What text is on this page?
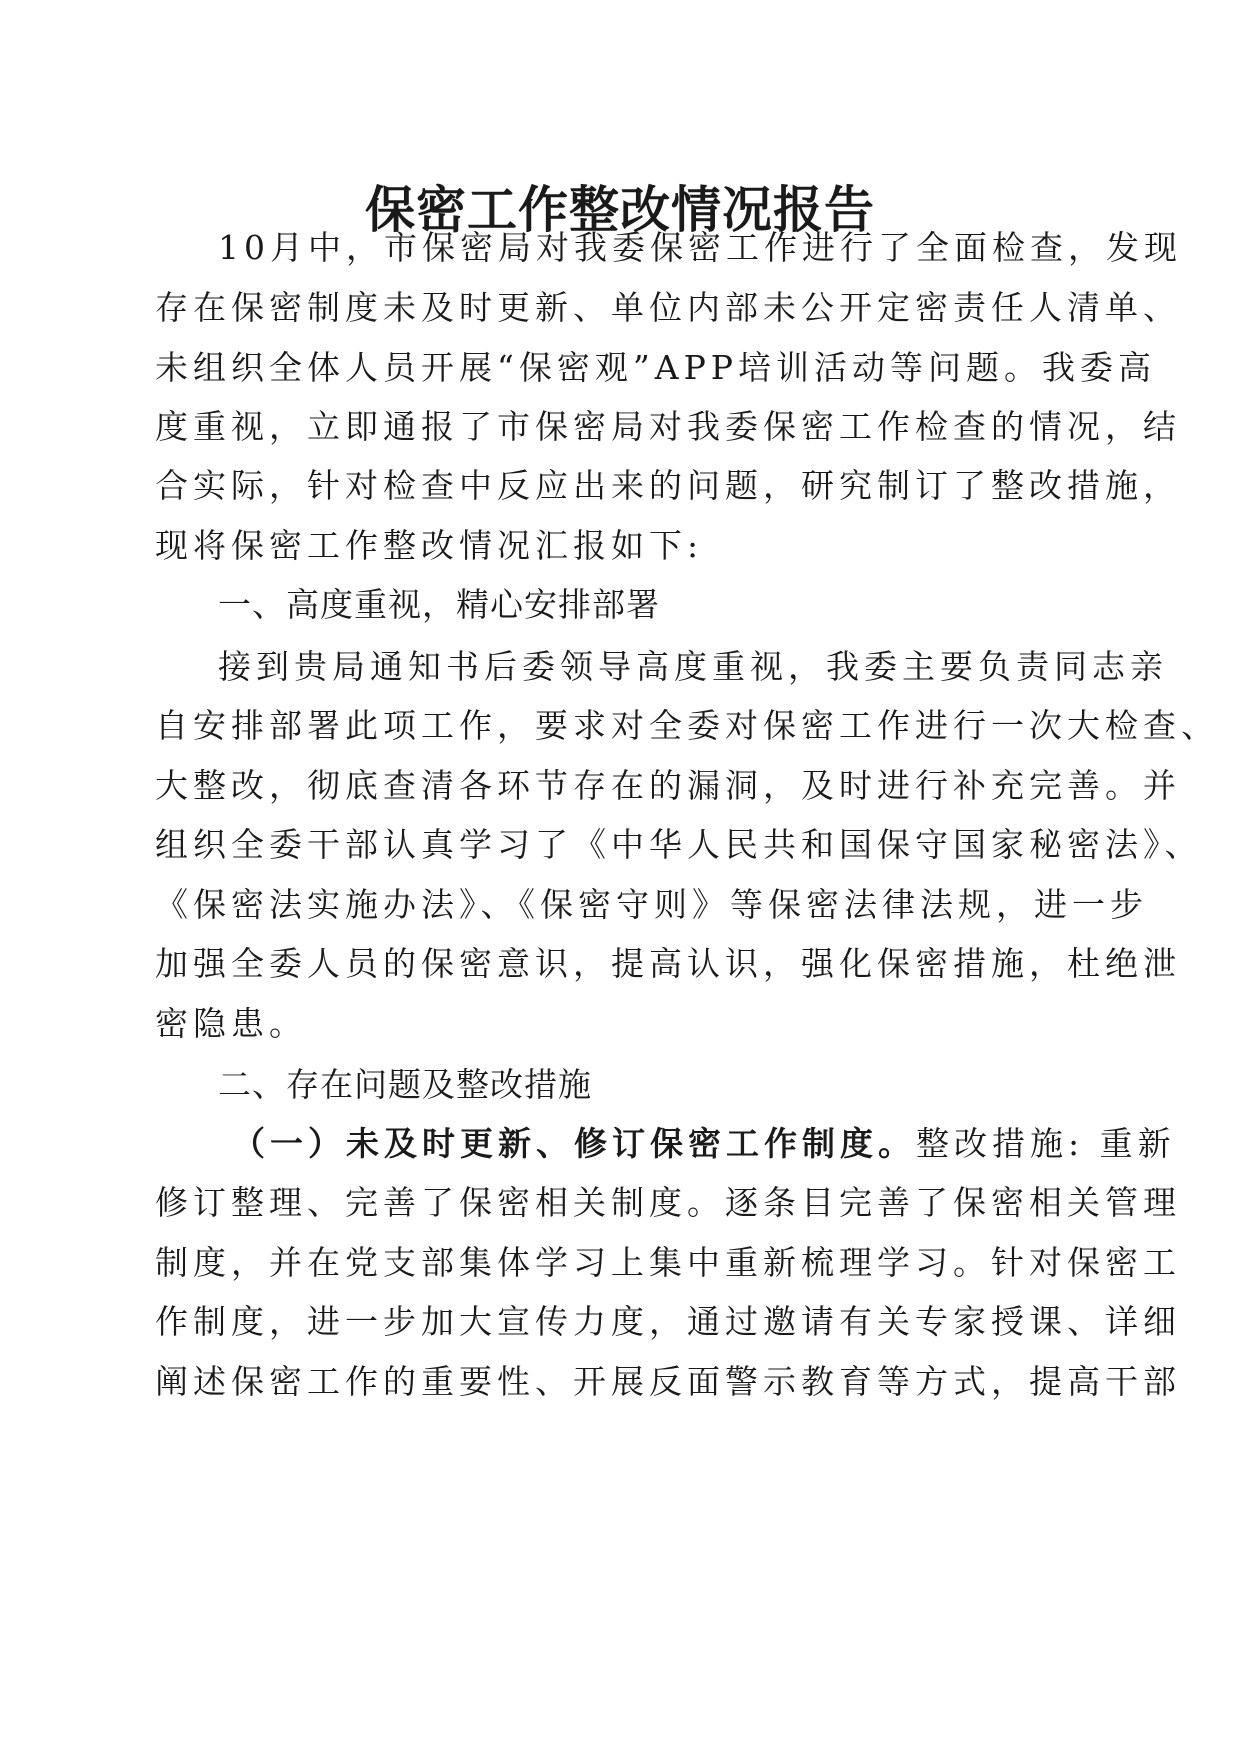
保密工作整改情况报告
10月中，市保密局对我委保密工作进行了全面检查，发现
存在保密制度未及时更新、单位内部未公开定密责任人清单、
未组织全体人员开展“保密观”APP培训活动等问题。我委高
度重视，立即通报了市保密局对我委保密工作检查的情况，结
合实际，针对检查中反应出来的问题，研究制订了整改措施，
现将保密工作整改情况汇报如下:
一、高度重视，精心安排部署
接到贵局通知书后委领导高度重视，我委主要负责同志亲
自安排部署此项工作，要求对全委对保密工作进行一次大检查、
大整改，彻底查清各环节存在的漏洞，及时进行补充完善。并
组织全委干部认真学习了《中华人民共和国保守国家秘密法》、
《保密法实施办法》、《保密守则》等保密法律法规，进一步
加强全委人员的保密意识，提高认识，强化保密措施，杜绝泄
密隐患。
二、存在问题及整改措施
（一）未及时更新、修订保密工作制度。整改措施: 重新
修订整理、完善了保密相关制度。逐条目完善了保密相关管理
制度，并在党支部集体学习上集中重新梳理学习。针对保密工
作制度，进一步加大宣传力度，通过邀请有关专家授课、详细
阐述保密工作的重要性、开展反面警示教育等方式，提高干部
